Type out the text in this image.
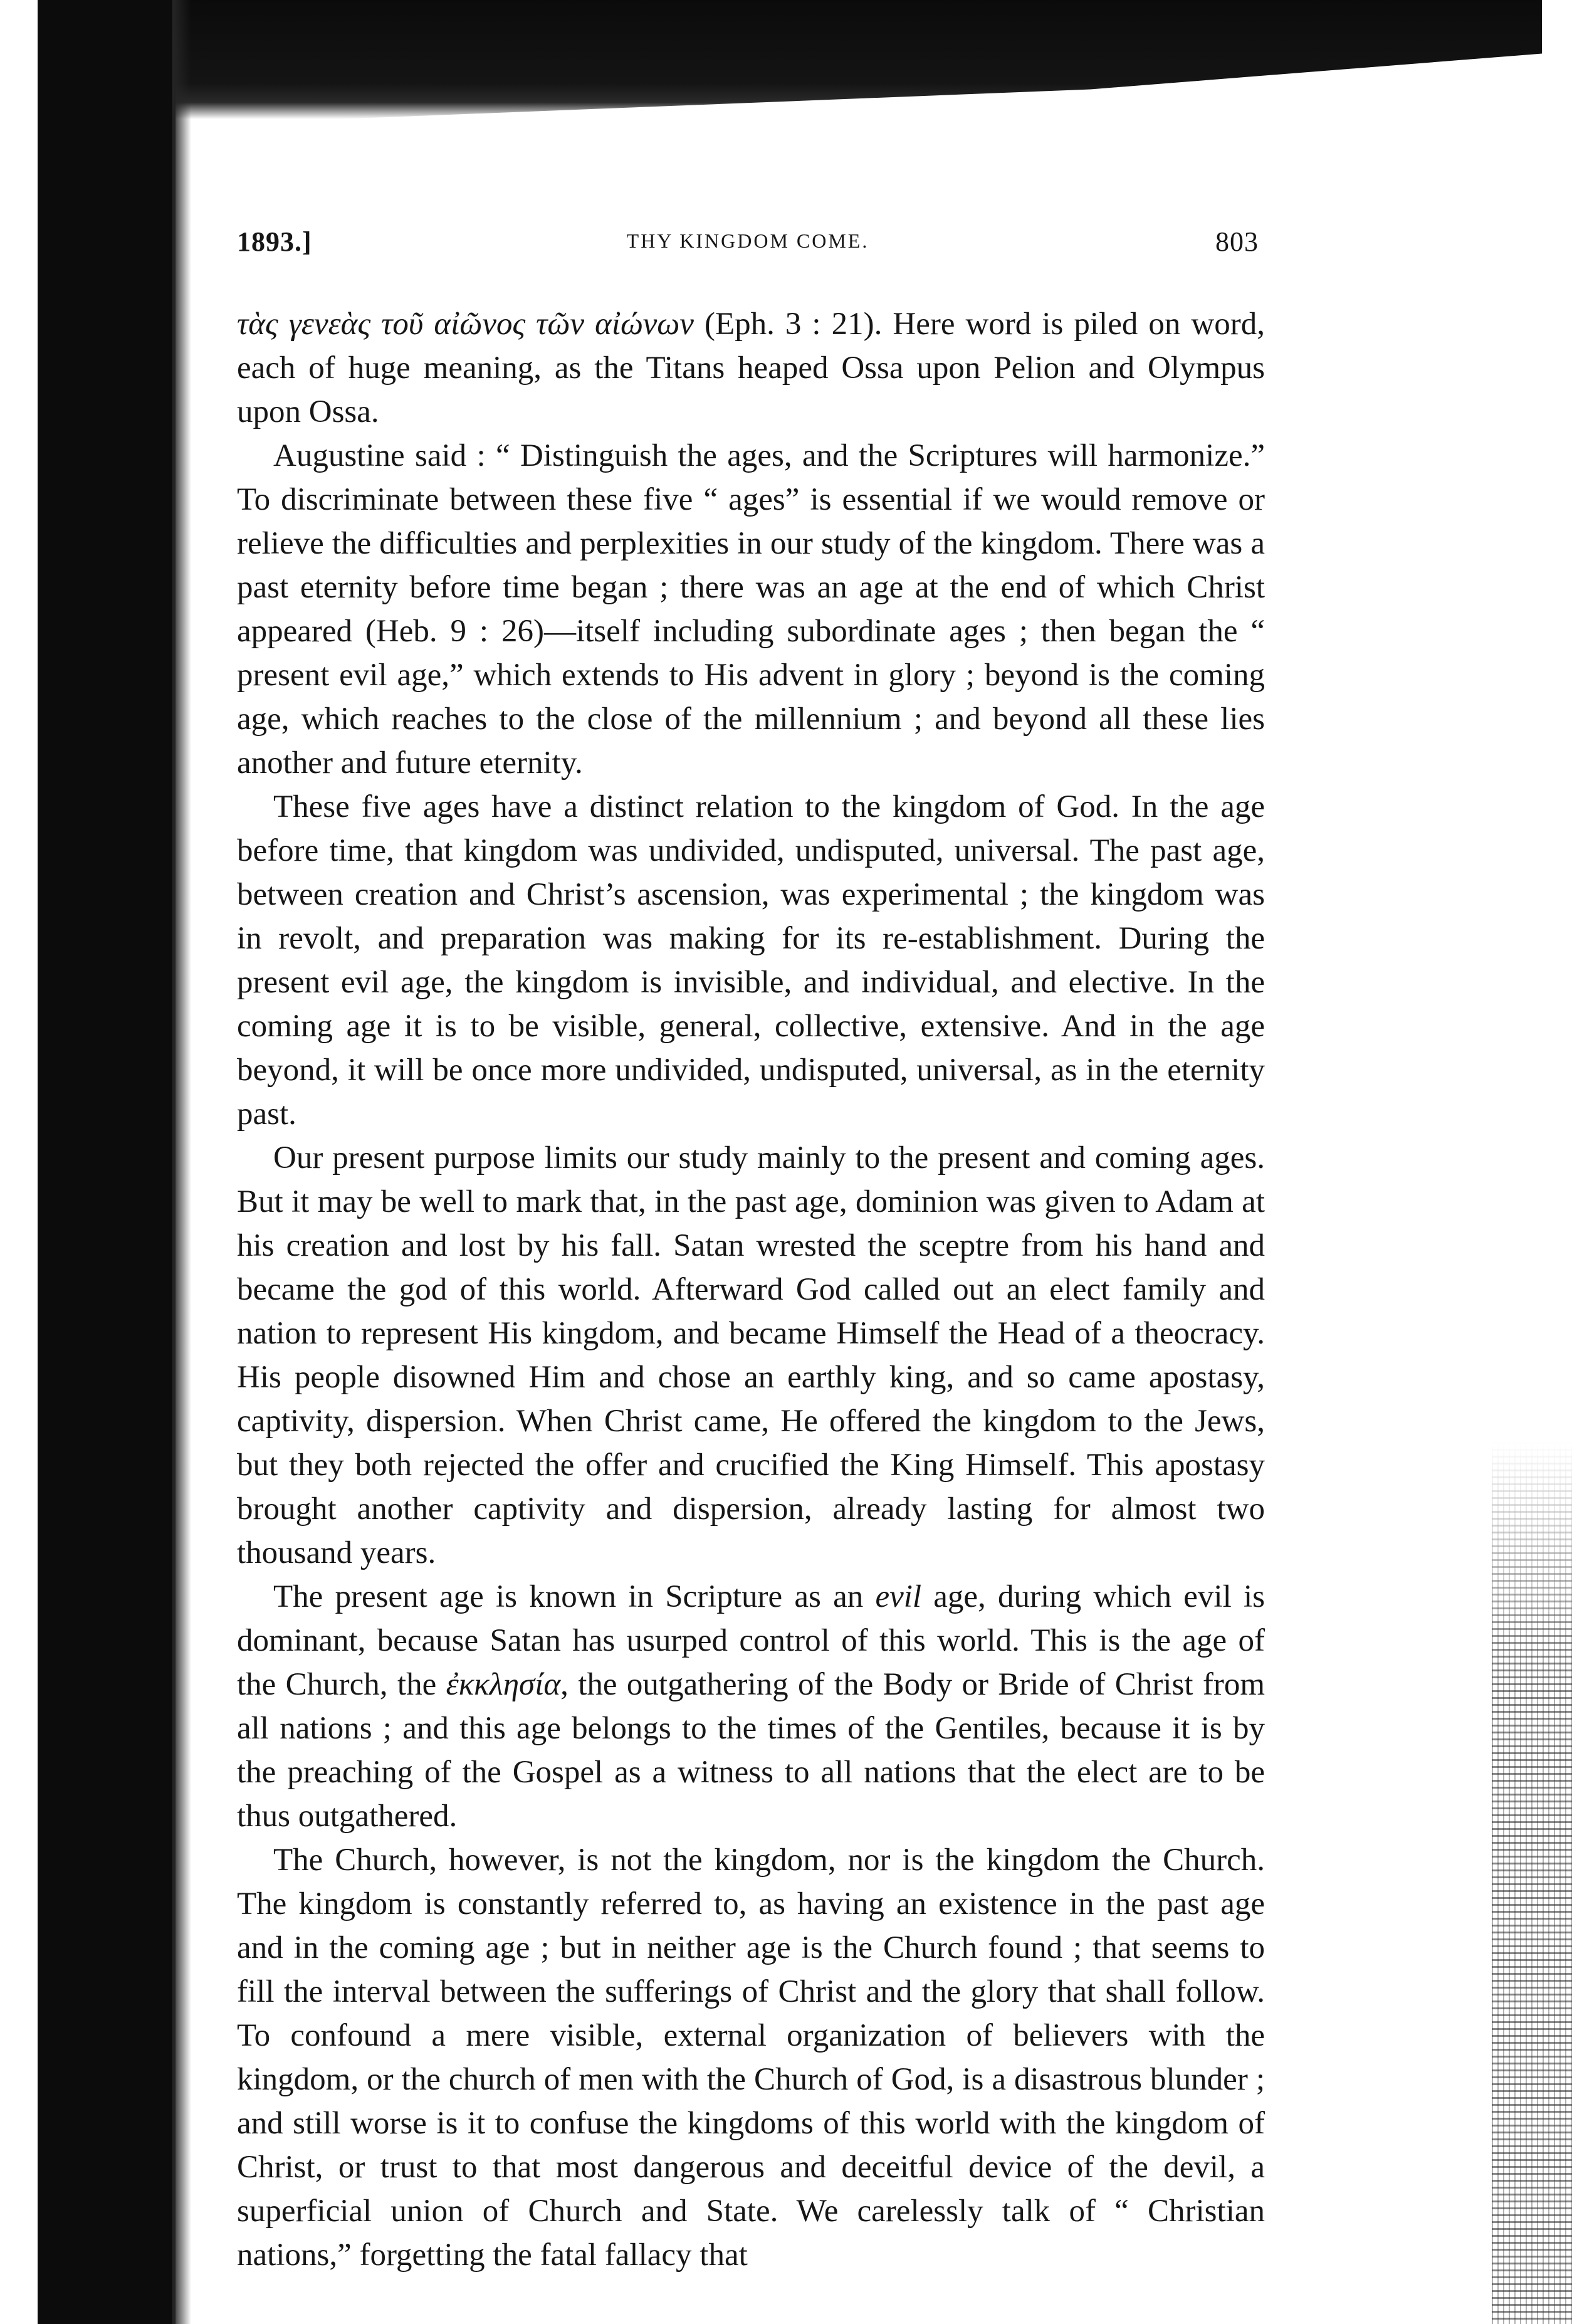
1893.]	THY KINGDOM COME.	803

τὰς γενεὰς τοῦ αἰῶνος τῶν αἰώνων (Eph. 3 : 21). Here word is piled on word, each of huge meaning, as the Titans heaped Ossa upon Pelion and Olympus upon Ossa.

Augustine said : “ Distinguish the ages, and the Scriptures will harmonize.” To discriminate between these five “ ages” is essential if we would remove or relieve the difficulties and perplexities in our study of the kingdom. There was a past eternity before time began ; there was an age at the end of which Christ appeared (Heb. 9 : 26)—itself including subordinate ages ; then began the “ present evil age,” which extends to His advent in glory ; beyond is the coming age, which reaches to the close of the millennium ; and beyond all these lies another and future eternity.

These five ages have a distinct relation to the kingdom of God. In the age before time, that kingdom was undivided, undisputed, universal. The past age, between creation and Christ’s ascension, was experimental ; the kingdom was in revolt, and preparation was making for its re-establishment. During the present evil age, the kingdom is invisible, and individual, and elective. In the coming age it is to be visible, general, collective, extensive. And in the age beyond, it will be once more undivided, undisputed, universal, as in the eternity past.

Our present purpose limits our study mainly to the present and coming ages. But it may be well to mark that, in the past age, dominion was given to Adam at his creation and lost by his fall. Satan wrested the sceptre from his hand and became the god of this world. Afterward God called out an elect family and nation to represent His kingdom, and became Himself the Head of a theocracy. His people disowned Him and chose an earthly king, and so came apostasy, captivity, dispersion. When Christ came, He offered the kingdom to the Jews, but they both rejected the offer and crucified the King Himself. This apostasy brought another captivity and dispersion, already lasting for almost two thousand years.

The present age is known in Scripture as an evil age, during which evil is dominant, because Satan has usurped control of this world. This is the age of the Church, the ἐκκλησία, the outgathering of the Body or Bride of Christ from all nations ; and this age belongs to the times of the Gentiles, because it is by the preaching of the Gospel as a witness to all nations that the elect are to be thus outgathered.

The Church, however, is not the kingdom, nor is the kingdom the Church. The kingdom is constantly referred to, as having an existence in the past age and in the coming age ; but in neither age is the Church found ; that seems to fill the interval between the sufferings of Christ and the glory that shall follow. To confound a mere visible, external organization of believers with the kingdom, or the church of men with the Church of God, is a disastrous blunder ; and still worse is it to confuse the kingdoms of this world with the kingdom of Christ, or trust to that most dangerous and deceitful device of the devil, a superficial union of Church and State. We carelessly talk of “ Christian nations,” forgetting the fatal fallacy that
